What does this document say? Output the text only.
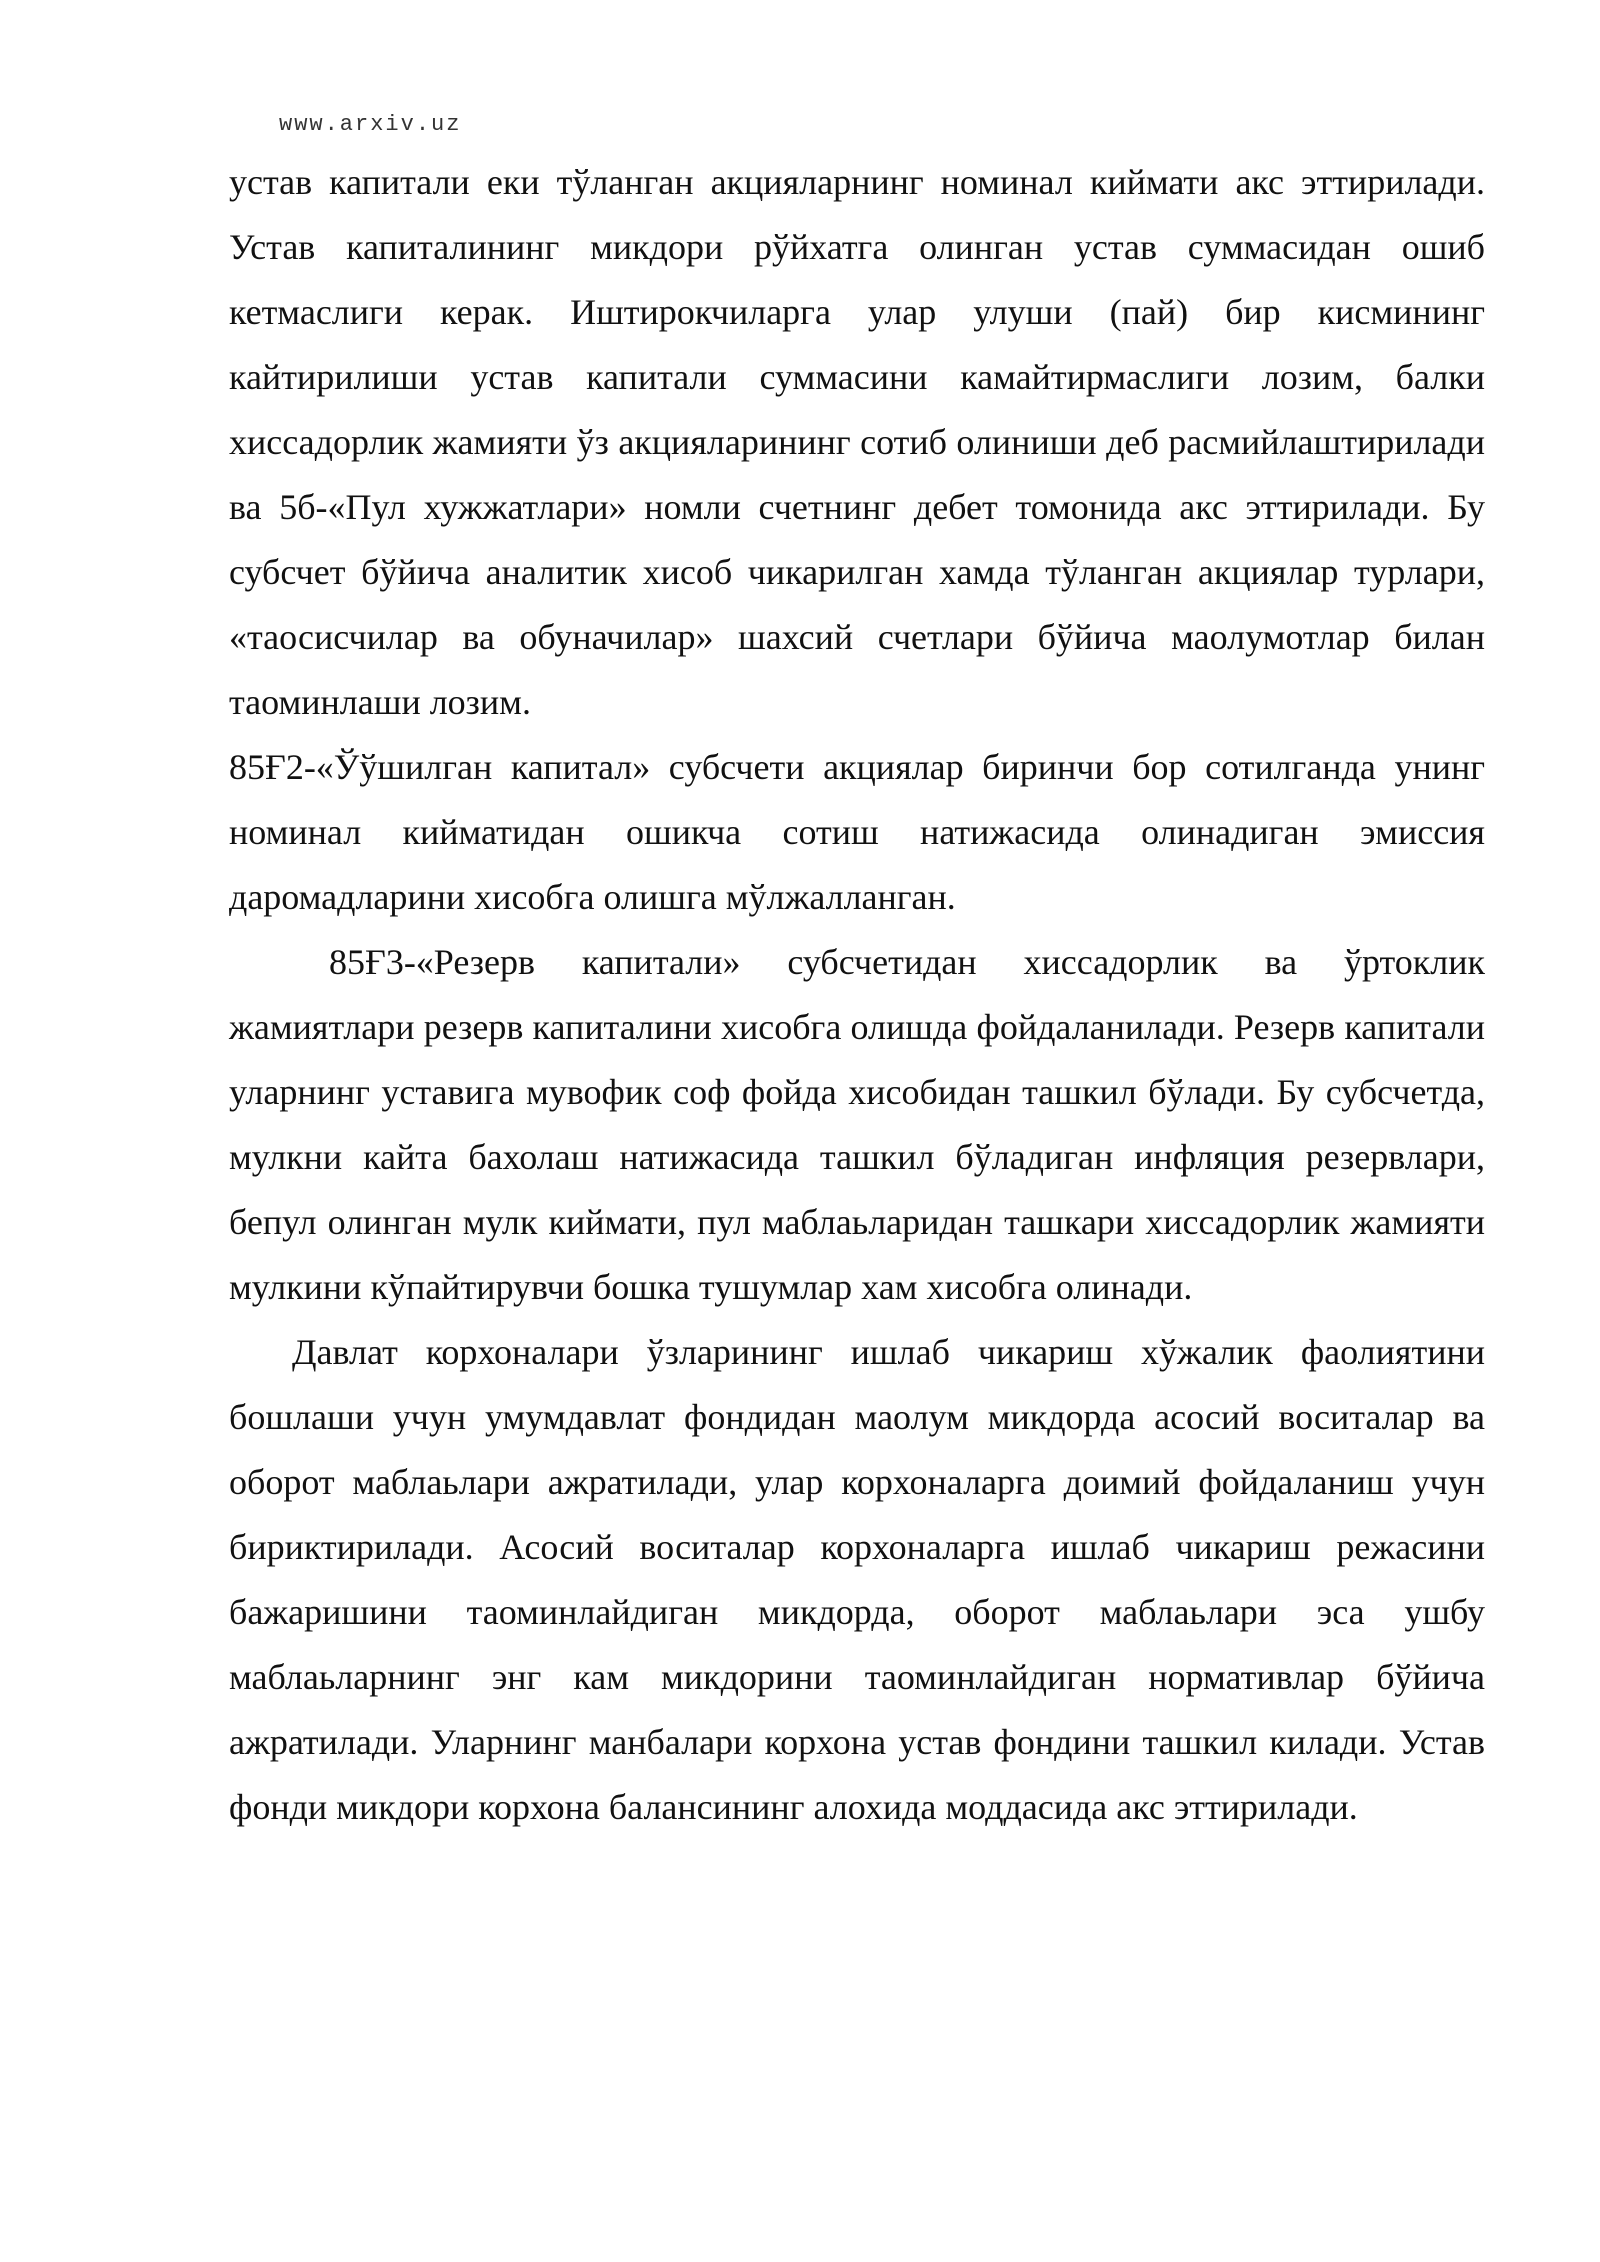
www.arxiv.uz

устав капитали еки тўланган акцияларнинг номинал киймати акс эттирилади. Устав капиталининг микдори рўйхатга олинган устав суммасидан ошиб кетмаслиги керак. Иштирокчиларга улар улуши (пай) бир кисмининг кайтирилиши устав капитали суммасини камайтирмаслиги лозим, балки хиссадорлик жамияти ўз акцияларининг сотиб олиниши деб расмийлаштирилади ва 5б-«Пул хужжатлари» номли счетнинг дебет томонида акс эттирилади. Бу субсчет бўйича аналитик хисоб чикарилган хамда тўланган акциялар турлари, «таосисчилар ва обуначилар» шахсий счетлари бўйича маолумотлар билан таоминлаши лозим.

85Ғ2-«Ўўшилган капитал» субсчети акциялар биринчи бор сотилганда унинг номинал кийматидан ошикча сотиш натижасида олинадиган эмиссия даромадларини хисобга олишга мўлжалланган.

85Ғ3-«Резерв капитали» субсчетидан хиссадорлик ва ўртоклик жамиятлари резерв капиталини хисобга олишда фойдаланилади. Резерв капитали уларнинг уставига мувофик соф фойда хисобидан ташкил бўлади. Бу субсчетда, мулкни кайта бахолаш натижасида ташкил бўладиган инфляция резервлари, бепул олинган мулк киймати, пул маблаьларидан ташкари хиссадорлик жамияти мулкини кўпайтирувчи бошка тушумлар хам хисобга олинади.

Давлат корхоналари ўзларининг ишлаб чикариш хўжалик фаолиятини бошлаши учун умумдавлат фондидан маолум микдорда асосий воситалар ва оборот маблаьлари ажратилади, улар корхоналарга доимий фойдаланиш учун бириктирилади. Асосий воситалар корхоналарга ишлаб чикариш режасини бажаришини таоминлайдиган микдорда, оборот маблаьлари эса ушбу маблаьларнинг энг кам микдорини таоминлайдиган нормативлар бўйича ажратилади. Уларнинг манбалари корхона устав фондини ташкил килади. Устав фонди микдори корхона балансининг алохида моддасида акс эттирилади.
